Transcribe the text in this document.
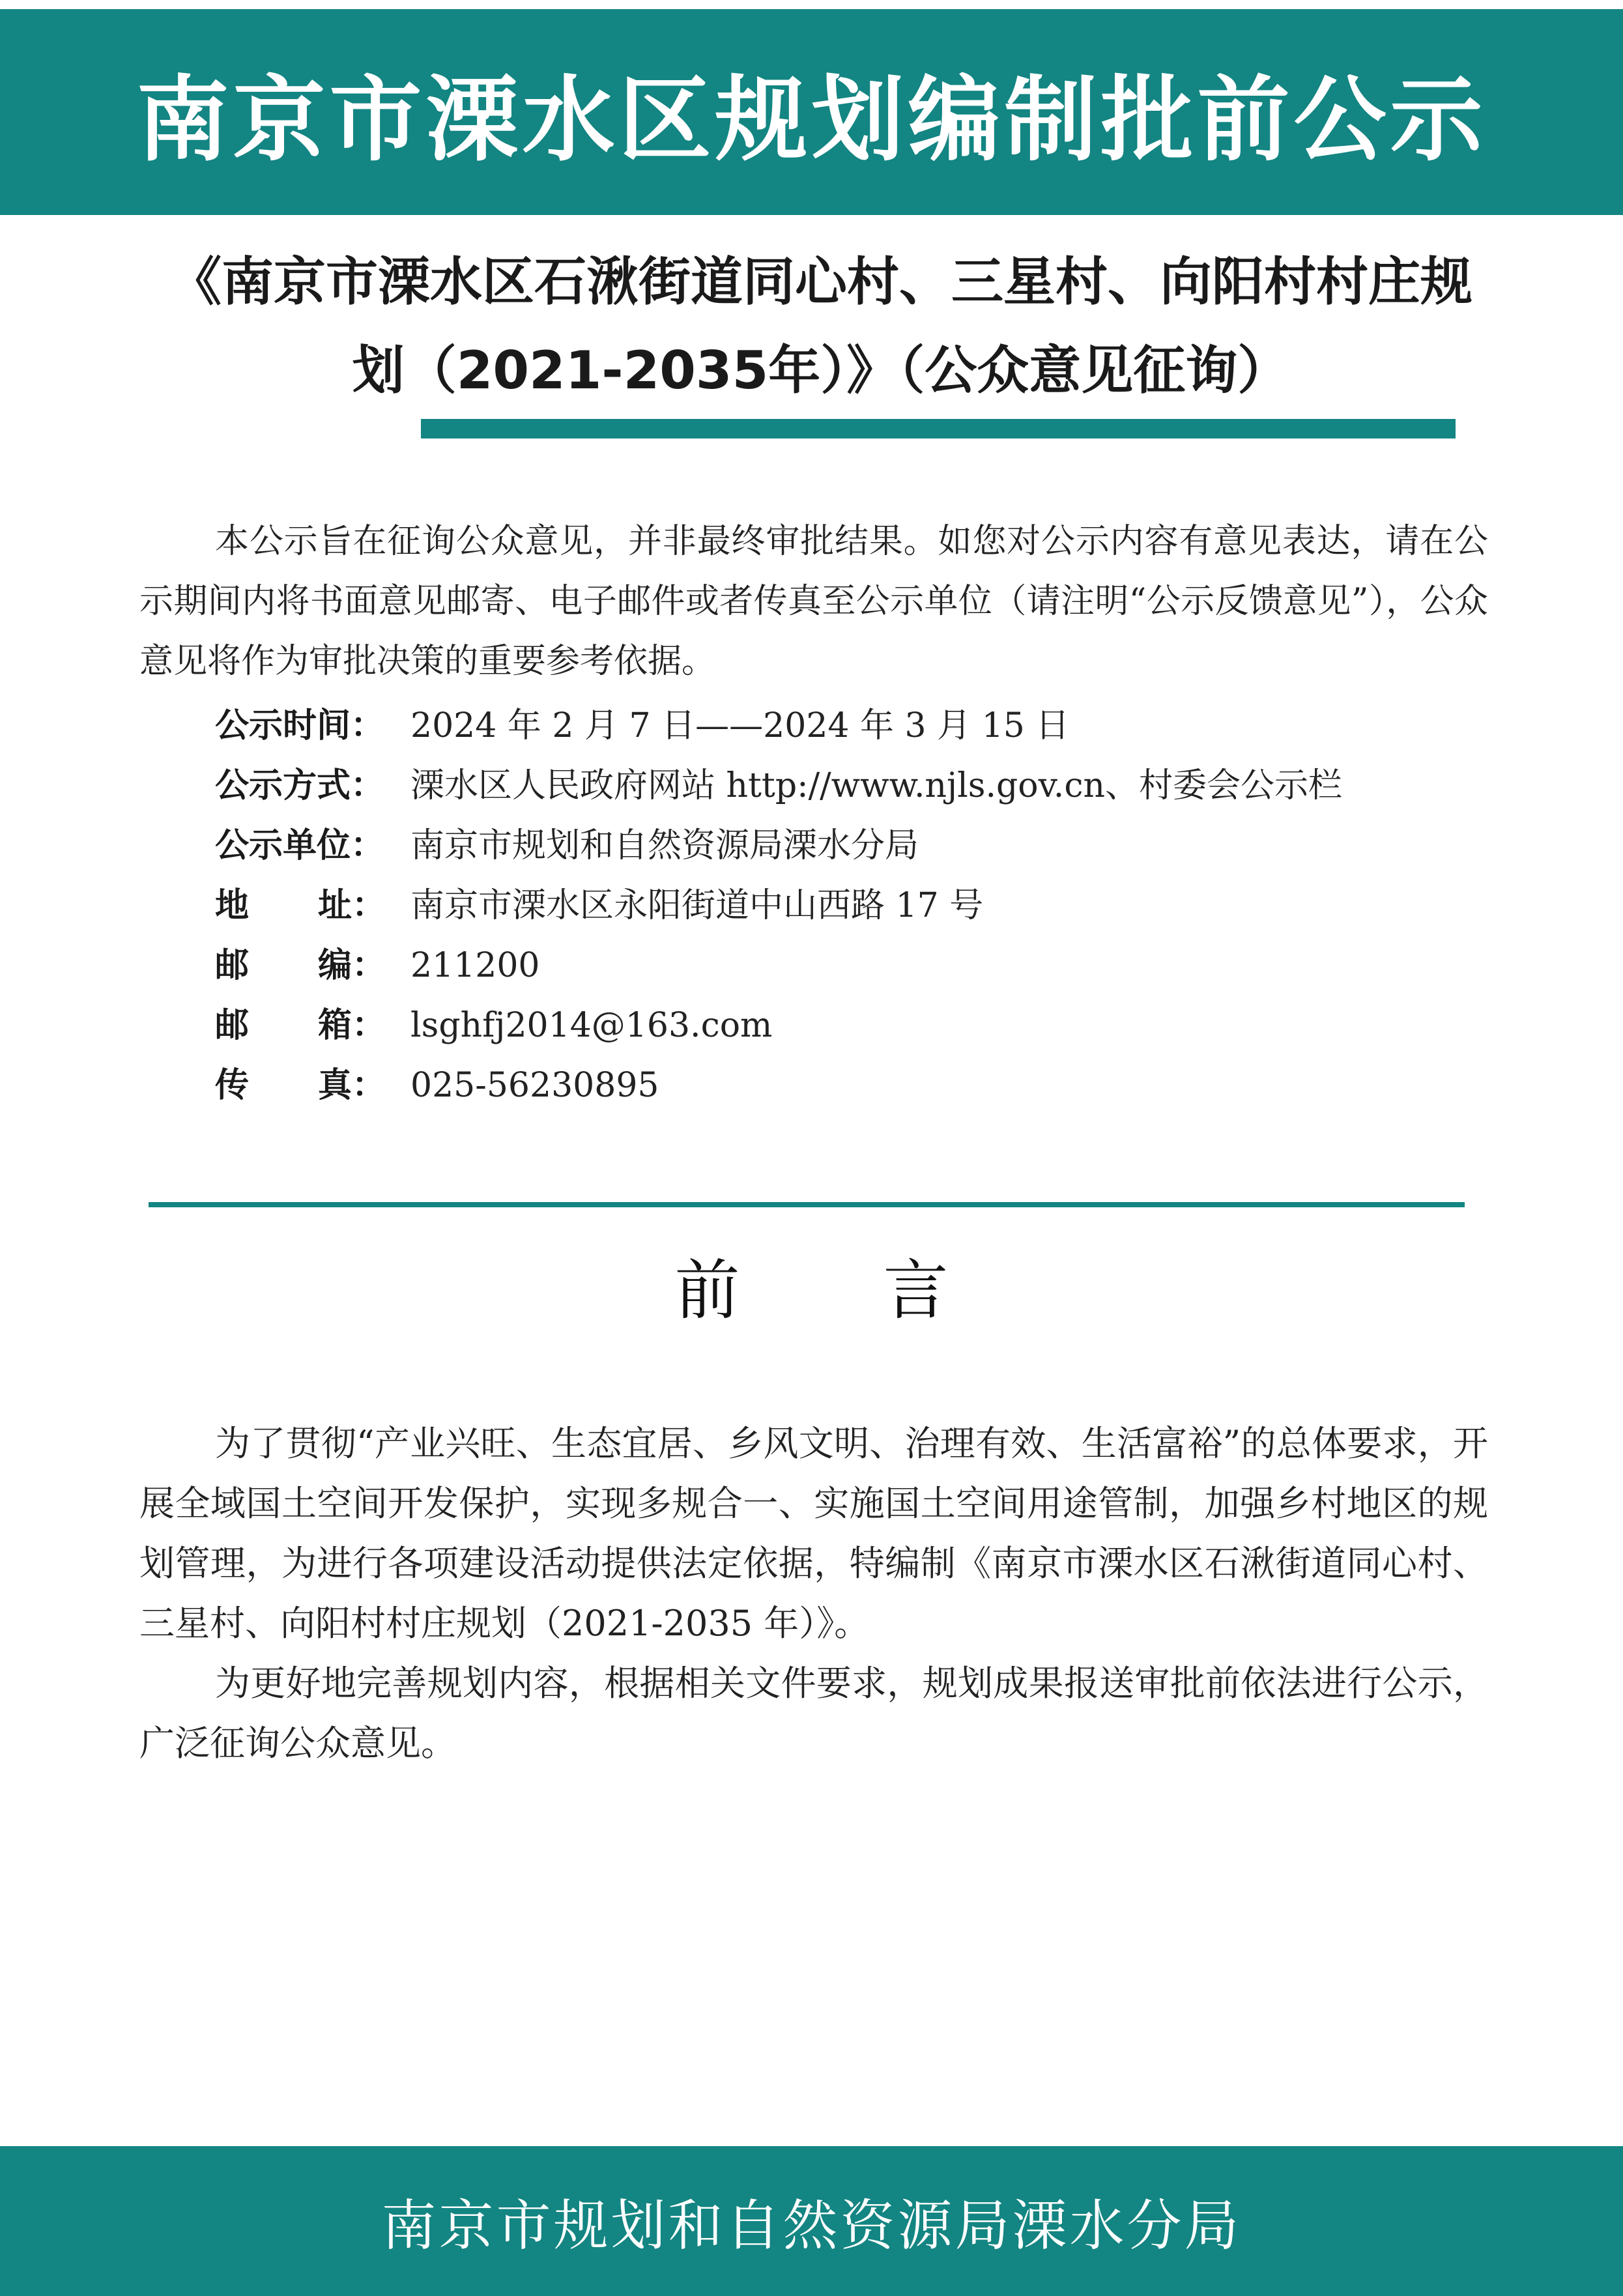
南京市溧水区规划编制批前公示
《南京市溧水区石湫街道同心村、三星村、向阳村村庄规
划（2021-2035年）》（公众意见征询）

本公示旨在征询公众意见，并非最终审批结果。如您对公示内容有意见表达，请在公示期间内将书面意见邮寄、电子邮件或者传真至公示单位（请注明“公示反馈意见”），公众意见将作为审批决策的重要参考依据。

公示时间： 2024 年 2 月 7 日——2024 年 3 月 15 日
公示方式： 溧水区人民政府网站 http://www.njls.gov.cn、村委会公示栏
公示单位： 南京市规划和自然资源局溧水分局
地 址： 南京市溧水区永阳街道中山西路 17 号
邮 编： 211200
邮 箱： lsghfj2014@163.com
传 真： 025-56230895
前言

为了贯彻“产业兴旺、生态宜居、乡风文明、治理有效、生活富裕”的总体要求，开展全域国土空间开发保护，实现多规合一、实施国土空间用途管制，加强乡村地区的规划管理，为进行各项建设活动提供法定依据，特编制《南京市溧水区石湫街道同心村、三星村、向阳村村庄规划（2021-2035 年）》。

为更好地完善规划内容，根据相关文件要求，规划成果报送审批前依法进行公示，广泛征询公众意见。

南京市规划和自然资源局溧水分局
